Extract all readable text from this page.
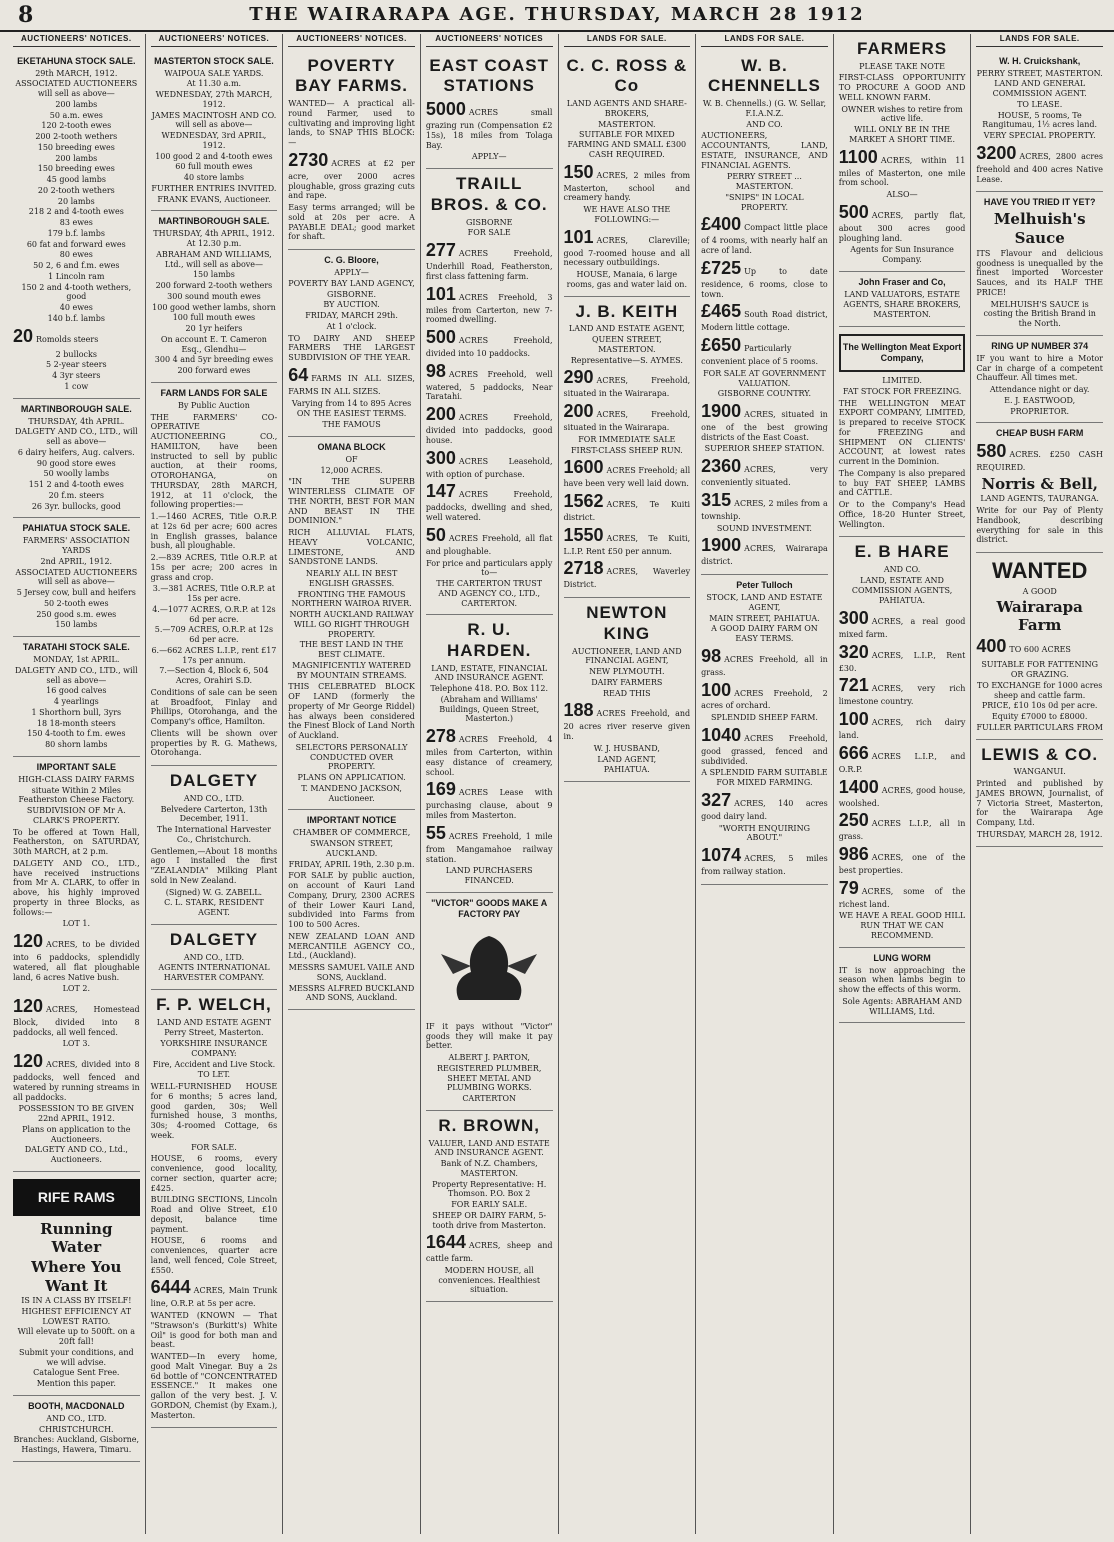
8	THE WAIRARAPA AGE. THURSDAY, MARCH 28 1912
AUCTIONEERS' NOTICES.
EKETAHUNA STOCK SALE.
29th MARCH, 1912.
ASSOCIATED AUCTIONEERS will sell as above—
200 lambs
50 a.m. ewes
120 2-tooth ewes
200 2-tooth wethers
150 breeding ewes
200 lambs
150 breeding ewes
45 good lambs
20 2-tooth wethers
20 lambs
218 2 and 4-tooth ewes
83 ewes
179 b.f. lambs
60 fat and forward ewes
80 ewes
50 2, 6 and f.m. ewes
1 Lincoln ram
150 2 and 4-tooth wethers, good
40 ewes
140 b.f. lambs
20 Romolds steers
2 bullocks
5 2-year steers
4 3yr steers
1 cow
MARTINBOROUGH SALE.
THURSDAY, 4th APRIL.
DALGETY AND CO., LTD., will sell as above—
6 dairy heifers, Aug. calvers.
90 good store ewes
50 woolly lambs
151 2 and 4-tooth ewes
20 f.m. steers
26 3yr. bullocks, good
PAHIATUA STOCK SALE.
FARMERS' ASSOCIATION YARDS
2nd APRIL, 1912.
ASSOCIATED AUCTIONEERS will sell as above—
5 Jersey cow, bull and heifers
50 2-tooth ewes
250 good s.m. ewes
150 lambs
TARATAHI STOCK SALE.
MONDAY, 1st APRIL.
DALGETY AND CO., LTD., will sell as above—
16 good calves
4 yearlings
1 Shorthorn bull, 3yrs
18 18-month steers
150 4-tooth to f.m. ewes
80 shorn lambs
IMPORTANT SALE
HIGH-CLASS DAIRY FARMS
situate Within 2 Miles Featherston Cheese Factory.
SUBDIVISION OF Mr A. CLARK'S PROPERTY.
To be offered at Town Hall, Featherston, on SATURDAY, 30th MARCH, at 2 p.m.
DALGETY AND CO., LTD., have received instructions from Mr A. CLARK, to offer in above, his highly improved property in three Blocks, as follows:—
LOT 1.
120 ACRES, to be divided into 6 paddocks, splendidly watered, all flat ploughable land, 6 acres Native bush.
LOT 2.
120 ACRES, Homestead Block, divided into 8 paddocks, all well fenced.
LOT 3.
120 ACRES, divided into 8 paddocks, well fenced and watered by running streams in all paddocks.
POSSESSION TO BE GIVEN 22nd APRIL, 1912.
Plans on application to the Auctioneers.
DALGETY AND CO., Ltd., Auctioneers.
RIFE RAMS
Running Water
Where You
Want It
IS IN A CLASS BY ITSELF!
HIGHEST EFFICIENCY AT LOWEST RATIO.
Will elevate up to 500ft. on a 20ft fall!
Submit your conditions, and we will advise.
Catalogue Sent Free.
Mention this paper.
BOOTH, MACDONALD
AND CO., LTD.
CHRISTCHURCH.
Branches: Auckland, Gisborne, Hastings, Hawera, Timaru.
AUCTIONEERS' NOTICES.
MASTERTON STOCK SALE.
WAIPOUA SALE YARDS.
At 11.30 a.m.
WEDNESDAY, 27th MARCH, 1912.
JAMES MACINTOSH AND CO. will sell as above—
WEDNESDAY, 3rd APRIL, 1912.
100 good 2 and 4-tooth ewes
60 full mouth ewes
40 store lambs
FURTHER ENTRIES INVITED.
FRANK EVANS, Auctioneer.
MARTINBOROUGH SALE.
THURSDAY, 4th APRIL, 1912. At 12.30 p.m.
ABRAHAM AND WILLIAMS, Ltd., will sell as above—
150 lambs
200 forward 2-tooth wethers
300 sound mouth ewes
100 good wether lambs, shorn
100 full mouth ewes
20 1yr heifers
On account E. T. Cameron Esq., Glendhu—
300 4 and 5yr breeding ewes
200 forward ewes
FARM LANDS FOR SALE
By Public Auction
THE FARMERS' CO-OPERATIVE AUCTIONEERING CO., HAMILTON, have been instructed to sell by public auction, at their rooms, OTOROHANGA, on THURSDAY, 28th MARCH, 1912, at 11 o'clock, the following properties:—
1.—1460 ACRES, Title O.R.P. at 12s 6d per acre; 600 acres in English grasses, balance bush, all ploughable.
2.—839 ACRES, Title O.R.P. at 15s per acre; 200 acres in grass and crop.
3.—381 ACRES, Title O.R.P. at 15s per acre.
4.—1077 ACRES, O.R.P. at 12s 6d per acre.
5.—709 ACRES, O.R.P. at 12s 6d per acre.
6.—662 ACRES L.I.P., rent £17 17s per annum.
7.—Section 4, Block 6, 504 Acres, Orahiri S.D.
Conditions of sale can be seen at Broadfoot, Finlay and Phillips, Otorohanga, and the Company's office, Hamilton.
Clients will be shown over properties by R. G. Mathews, Otorohanga.
DALGETY
AND CO., LTD.
Belvedere Carterton, 13th December, 1911.
The International Harvester Co., Christchurch.
Gentlemen,—About 18 months ago I installed the first "ZEALANDIA" Milking Plant sold in New Zealand.
(Signed) W. G. ZABELL.
C. L. STARK, RESIDENT AGENT.
DALGETY
AND CO., LTD.
AGENTS INTERNATIONAL HARVESTER COMPANY.
F. P. WELCH,
LAND AND ESTATE AGENT
Perry Street, Masterton.
YORKSHIRE INSURANCE COMPANY:
Fire, Accident and Live Stock.
TO LET.
WELL-FURNISHED HOUSE for 6 months; 5 acres land, good garden, 30s; Well furnished house, 3 months, 30s; 4-roomed Cottage, 6s week.
FOR SALE.
HOUSE, 6 rooms, every convenience, good locality, corner section, quarter acre; £425.
BUILDING SECTIONS, Lincoln Road and Olive Street, £10 deposit, balance time payment.
HOUSE, 6 rooms and conveniences, quarter acre land, well fenced, Cole Street, £550.
6444 ACRES, Main Trunk line, O.R.P. at 5s per acre.
WANTED (KNOWN — That "Strawson's (Burkitt's) White Oil" is good for both man and beast.
WANTED—In every home, good Malt Vinegar. Buy a 2s 6d bottle of "CONCENTRATED ESSENCE." It makes one gallon of the very best. J. V. GORDON, Chemist (by Exam.), Masterton.
AUCTIONEERS' NOTICES.
POVERTY BAY FARMS.
WANTED— A practical all-round Farmer, used to cultivating and improving light lands, to SNAP THIS BLOCK:—
2730 ACRES at £2 per acre, over 2000 acres ploughable, gross grazing cuts and rape.
Easy terms arranged; will be sold at 20s per acre. A PAYABLE DEAL; good market for shaft.
C. G. Bloore,
APPLY—
POVERTY BAY LAND AGENCY,
GISBORNE.
BY AUCTION.
FRIDAY, MARCH 29th.
At 1 o'clock.
TO DAIRY AND SHEEP FARMERS THE LARGEST SUBDIVISION OF THE YEAR.
64 FARMS IN ALL SIZES, FARMS IN ALL SIZES.
Varying from 14 to 895 Acres
ON THE EASIEST TERMS.
THE FAMOUS
OMANA BLOCK
OF
12,000 ACRES.
"IN THE SUPERB WINTERLESS CLIMATE OF THE NORTH, BEST FOR MAN AND BEAST IN THE DOMINION."
RICH ALLUVIAL FLATS, HEAVY VOLCANIC, LIMESTONE, AND SANDSTONE LANDS.
NEARLY ALL IN BEST ENGLISH GRASSES.
FRONTING THE FAMOUS NORTHERN WAIROA RIVER.
NORTH AUCKLAND RAILWAY WILL GO RIGHT THROUGH PROPERTY.
THE BEST LAND IN THE BEST CLIMATE.
MAGNIFICENTLY WATERED BY MOUNTAIN STREAMS.
THIS CELEBRATED BLOCK OF LAND (formerly the property of Mr George Riddel) has always been considered the Finest Block of Land North of Auckland.
SELECTORS PERSONALLY CONDUCTED OVER PROPERTY.
PLANS ON APPLICATION.
T. MANDENO JACKSON, Auctioneer.
IMPORTANT NOTICE
CHAMBER OF COMMERCE,
SWANSON STREET, AUCKLAND.
FRIDAY, APRIL 19th, 2.30 p.m.
FOR SALE by public auction, on account of Kauri Land Company, Drury, 2300 ACRES of their Lower Kauri Land, subdivided into Farms from 100 to 500 Acres.
NEW ZEALAND LOAN AND MERCANTILE AGENCY CO., Ltd., (Auckland).
MESSRS SAMUEL VAILE AND SONS, Auckland.
MESSRS ALFRED BUCKLAND AND SONS, Auckland.
AUCTIONEERS' NOTICES
EAST COAST STATIONS
5000 ACRES small grazing run (Compensation £2 15s), 18 miles from Tolaga Bay.
APPLY—
TRAILL BROS. & CO.
GISBORNE
FOR SALE
277 ACRES Freehold, Underhill Road, Featherston, first class fattening farm.
101 ACRES Freehold, 3 miles from Carterton, new 7-roomed dwelling.
500 ACRES Freehold, divided into 10 paddocks.
98 ACRES Freehold, well watered, 5 paddocks, Near Taratahi.
200 ACRES Freehold, divided into paddocks, good house.
300 ACRES Leasehold, with option of purchase.
147 ACRES Freehold, paddocks, dwelling and shed, well watered.
50 ACRES Freehold, all flat and ploughable.
For price and particulars apply to—
THE CARTERTON TRUST AND AGENCY CO., LTD., CARTERTON.
R. U. HARDEN.
LAND, ESTATE, FINANCIAL AND INSURANCE AGENT.
Telephone 418. P.O. Box 112.
(Abraham and Williams' Buildings, Queen Street, Masterton.)
278 ACRES Freehold, 4 miles from Carterton, within easy distance of creamery, school.
169 ACRES Lease with purchasing clause, about 9 miles from Masterton.
55 ACRES Freehold, 1 mile from Mangamahoe railway station.
LAND PURCHASERS FINANCED.
"VICTOR" GOODS MAKE A FACTORY PAY
IF it pays without "Victor" goods they will make it pay better.
ALBERT J. PARTON,
REGISTERED PLUMBER, SHEET METAL AND PLUMBING WORKS.
CARTERTON
R. BROWN,
VALUER, LAND AND ESTATE AND INSURANCE AGENT.
Bank of N.Z. Chambers, MASTERTON.
Property Representative: H. Thomson. P.O. Box 2
FOR EARLY SALE.
SHEEP OR DAIRY FARM, 5-tooth drive from Masterton.
1644 ACRES, sheep and cattle farm.
MODERN HOUSE, all conveniences. Healthiest situation.
LANDS FOR SALE.
C. C. ROSS & Co
LAND AGENTS AND SHARE-BROKERS,
MASTERTON.
SUITABLE FOR MIXED FARMING AND SMALL £300 CASH REQUIRED.
150 ACRES, 2 miles from Masterton, school and creamery handy.
WE HAVE ALSO THE FOLLOWING:—
101 ACRES, Clareville; good 7-roomed house and all necessary outbuildings.
HOUSE, Manaia, 6 large rooms, gas and water laid on.
J. B. KEITH
LAND AND ESTATE AGENT,
QUEEN STREET, MASTERTON.
Representative—S. AYMES.
290 ACRES, Freehold, situated in the Wairarapa.
200 ACRES, Freehold, situated in the Wairarapa.
FOR IMMEDIATE SALE
FIRST-CLASS SHEEP RUN.
1600 ACRES Freehold; all have been very well laid down.
1562 ACRES, Te Kuiti district.
1550 ACRES, Te Kuiti, L.I.P. Rent £50 per annum.
2718 ACRES, Waverley District.
NEWTON KING
AUCTIONEER, LAND AND FINANCIAL AGENT,
NEW PLYMOUTH.
DAIRY FARMERS
READ THIS
188 ACRES Freehold, and 20 acres river reserve given in.
W. J. HUSBAND,
LAND AGENT,
PAHIATUA.
LANDS FOR SALE.
W. B. CHENNELLS
W. B. Chennells.) (G. W. Sellar, F.I.A.N.Z.
AND CO.
AUCTIONEERS, ACCOUNTANTS, LAND, ESTATE, INSURANCE, AND FINANCIAL AGENTS.
PERRY STREET ... MASTERTON.
"SNIPS" IN LOCAL PROPERTY.
£400 Compact little place of 4 rooms, with nearly half an acre of land.
£725 Up to date residence, 6 rooms, close to town.
£465 South Road district, Modern little cottage.
£650 Particularly convenient place of 5 rooms.
FOR SALE AT GOVERNMENT VALUATION.
GISBORNE COUNTRY.
1900 ACRES, situated in one of the best growing districts of the East Coast.
SUPERIOR SHEEP STATION.
2360 ACRES, very conveniently situated.
315 ACRES, 2 miles from a township.
SOUND INVESTMENT.
1900 ACRES, Wairarapa district.
Peter Tulloch
STOCK, LAND AND ESTATE AGENT,
MAIN STREET, PAHIATUA.
A GOOD DAIRY FARM ON EASY TERMS.
98 ACRES Freehold, all in grass.
100 ACRES Freehold, 2 acres of orchard.
SPLENDID SHEEP FARM.
1040 ACRES Freehold, good grassed, fenced and subdivided.
A SPLENDID FARM SUITABLE FOR MIXED FARMING.
327 ACRES, 140 acres good dairy land.
"WORTH ENQUIRING ABOUT."
1074 ACRES, 5 miles from railway station.
FARMERS
PLEASE TAKE NOTE
FIRST-CLASS OPPORTUNITY TO PROCURE A GOOD AND WELL KNOWN FARM.
OWNER wishes to retire from active life.
WILL ONLY BE IN THE MARKET A SHORT TIME.
1100 ACRES, within 11 miles of Masterton, one mile from school.
ALSO—
500 ACRES, partly flat, about 300 acres good ploughing land.
Agents for Sun Insurance Company.
John Fraser and Co,
LAND VALUATORS, ESTATE AGENTS, SHARE BROKERS,
MASTERTON.
The Wellington Meat Export Company,
LIMITED.
FAT STOCK FOR FREEZING.
THE WELLINGTON MEAT EXPORT COMPANY, LIMITED, is prepared to receive STOCK for FREEZING and SHIPMENT ON CLIENTS' ACCOUNT, at lowest rates current in the Dominion.
The Company is also prepared to buy FAT SHEEP, LAMBS and CATTLE.
Or to the Company's Head Office, 18-20 Hunter Street, Wellington.
E. B HARE
AND CO.
LAND, ESTATE AND COMMISSION AGENTS,
PAHIATUA.
300 ACRES, a real good mixed farm.
320 ACRES, L.I.P., Rent £30.
721 ACRES, very rich limestone country.
100 ACRES, rich dairy land.
666 ACRES L.I.P., and O.R.P.
1400 ACRES, good house, woolshed.
250 ACRES L.I.P., all in grass.
986 ACRES, one of the best properties.
79 ACRES, some of the richest land.
WE HAVE A REAL GOOD HILL RUN THAT WE CAN RECOMMEND.
LUNG WORM
IT is now approaching the season when lambs begin to show the effects of this worm.
Sole Agents: ABRAHAM AND WILLIAMS, Ltd.
LANDS FOR SALE.
W. H. Cruickshank,
PERRY STREET, MASTERTON.
LAND AND GENERAL COMMISSION AGENT.
TO LEASE.
HOUSE, 5 rooms, Te Rangitumau, 1½ acres land.
VERY SPECIAL PROPERTY.
3200 ACRES, 2800 acres freehold and 400 acres Native Lease.
HAVE YOU TRIED IT YET?
Melhuish's Sauce
ITS Flavour and delicious goodness is unequalled by the finest imported Worcester Sauces, and its HALF THE PRICE!
MELHUISH'S SAUCE is costing the British Brand in the North.
RING UP NUMBER 374
IF you want to hire a Motor Car in charge of a competent Chauffeur. All times met.
Attendance night or day.
E. J. EASTWOOD,
PROPRIETOR.
CHEAP BUSH FARM
580 ACRES. £250 CASH REQUIRED.
Norris & Bell,
LAND AGENTS, TAURANGA.
Write for our Pay of Plenty Handbook, describing everything for sale in this district.
WANTED
A GOOD
Wairarapa Farm
400 TO 600 ACRES
SUITABLE FOR FATTENING OR GRAZING.
TO EXCHANGE for 1000 acres sheep and cattle farm.
PRICE, £10 10s 0d per acre.
Equity £7000 to £8000.
FULLER PARTICULARS FROM
LEWIS & CO.
WANGANUI.
Printed and published by JAMES BROWN, Journalist, of 7 Victoria Street, Masterton, for the Wairarapa Age Company, Ltd.
THURSDAY, MARCH 28, 1912.
